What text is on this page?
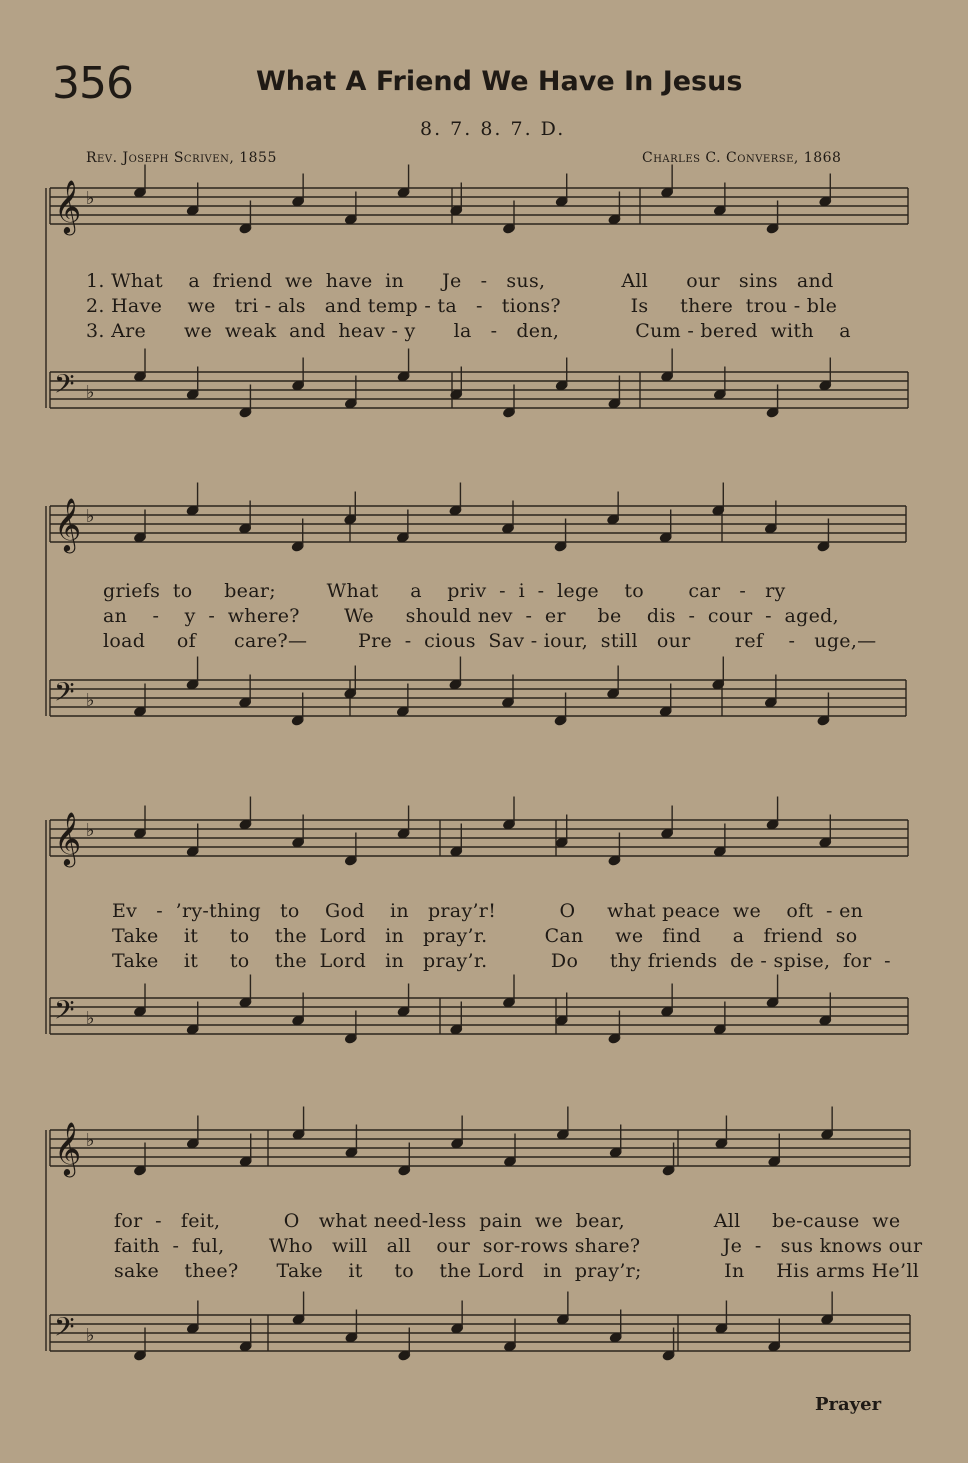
356	What A Friend We Have In Jesus
8. 7. 8. 7. D.
Rev. Joseph Scriven, 1855	Charles C. Converse, 1868
𝄞 ♭
𝄢 ♭
𝄞 ♭
𝄢 ♭
𝄞 ♭
𝄢 ♭
𝄞 ♭
𝄢 ♭
1. What    a  friend  we  have  in      Je   -   sus,            All      our   sins   and
2. Have    we   tri - als   and temp - ta   -   tions?           Is     there  trou - ble
3. Are      we  weak  and  heav - y      la   -   den,            Cum - bered  with    a
griefs  to     bear;        What     a    priv  -  i  -  lege    to       car   -   ry
an    -    y  -  where?       We     should nev  -  er     be    dis  -  cour  -  aged,
load     of      care?—        Pre  -  cious  Sav - iour,  still   our       ref    -   uge,—
Ev   -  ’ry-thing   to    God    in   pray’r!          O     what peace  we    oft  - en
Take    it     to    the  Lord   in   pray’r.         Can     we   find     a   friend  so
Take    it     to    the  Lord   in   pray’r.          Do     thy friends  de - spise,  for  -
for  -   feit,          O   what need-less  pain  we  bear,              All     be-cause  we
faith  -  ful,       Who   will   all    our  sor-rows share?             Je  -   sus knows our
sake    thee?      Take    it     to    the Lord   in  pray’r;             In     His arms He’ll
Prayer
